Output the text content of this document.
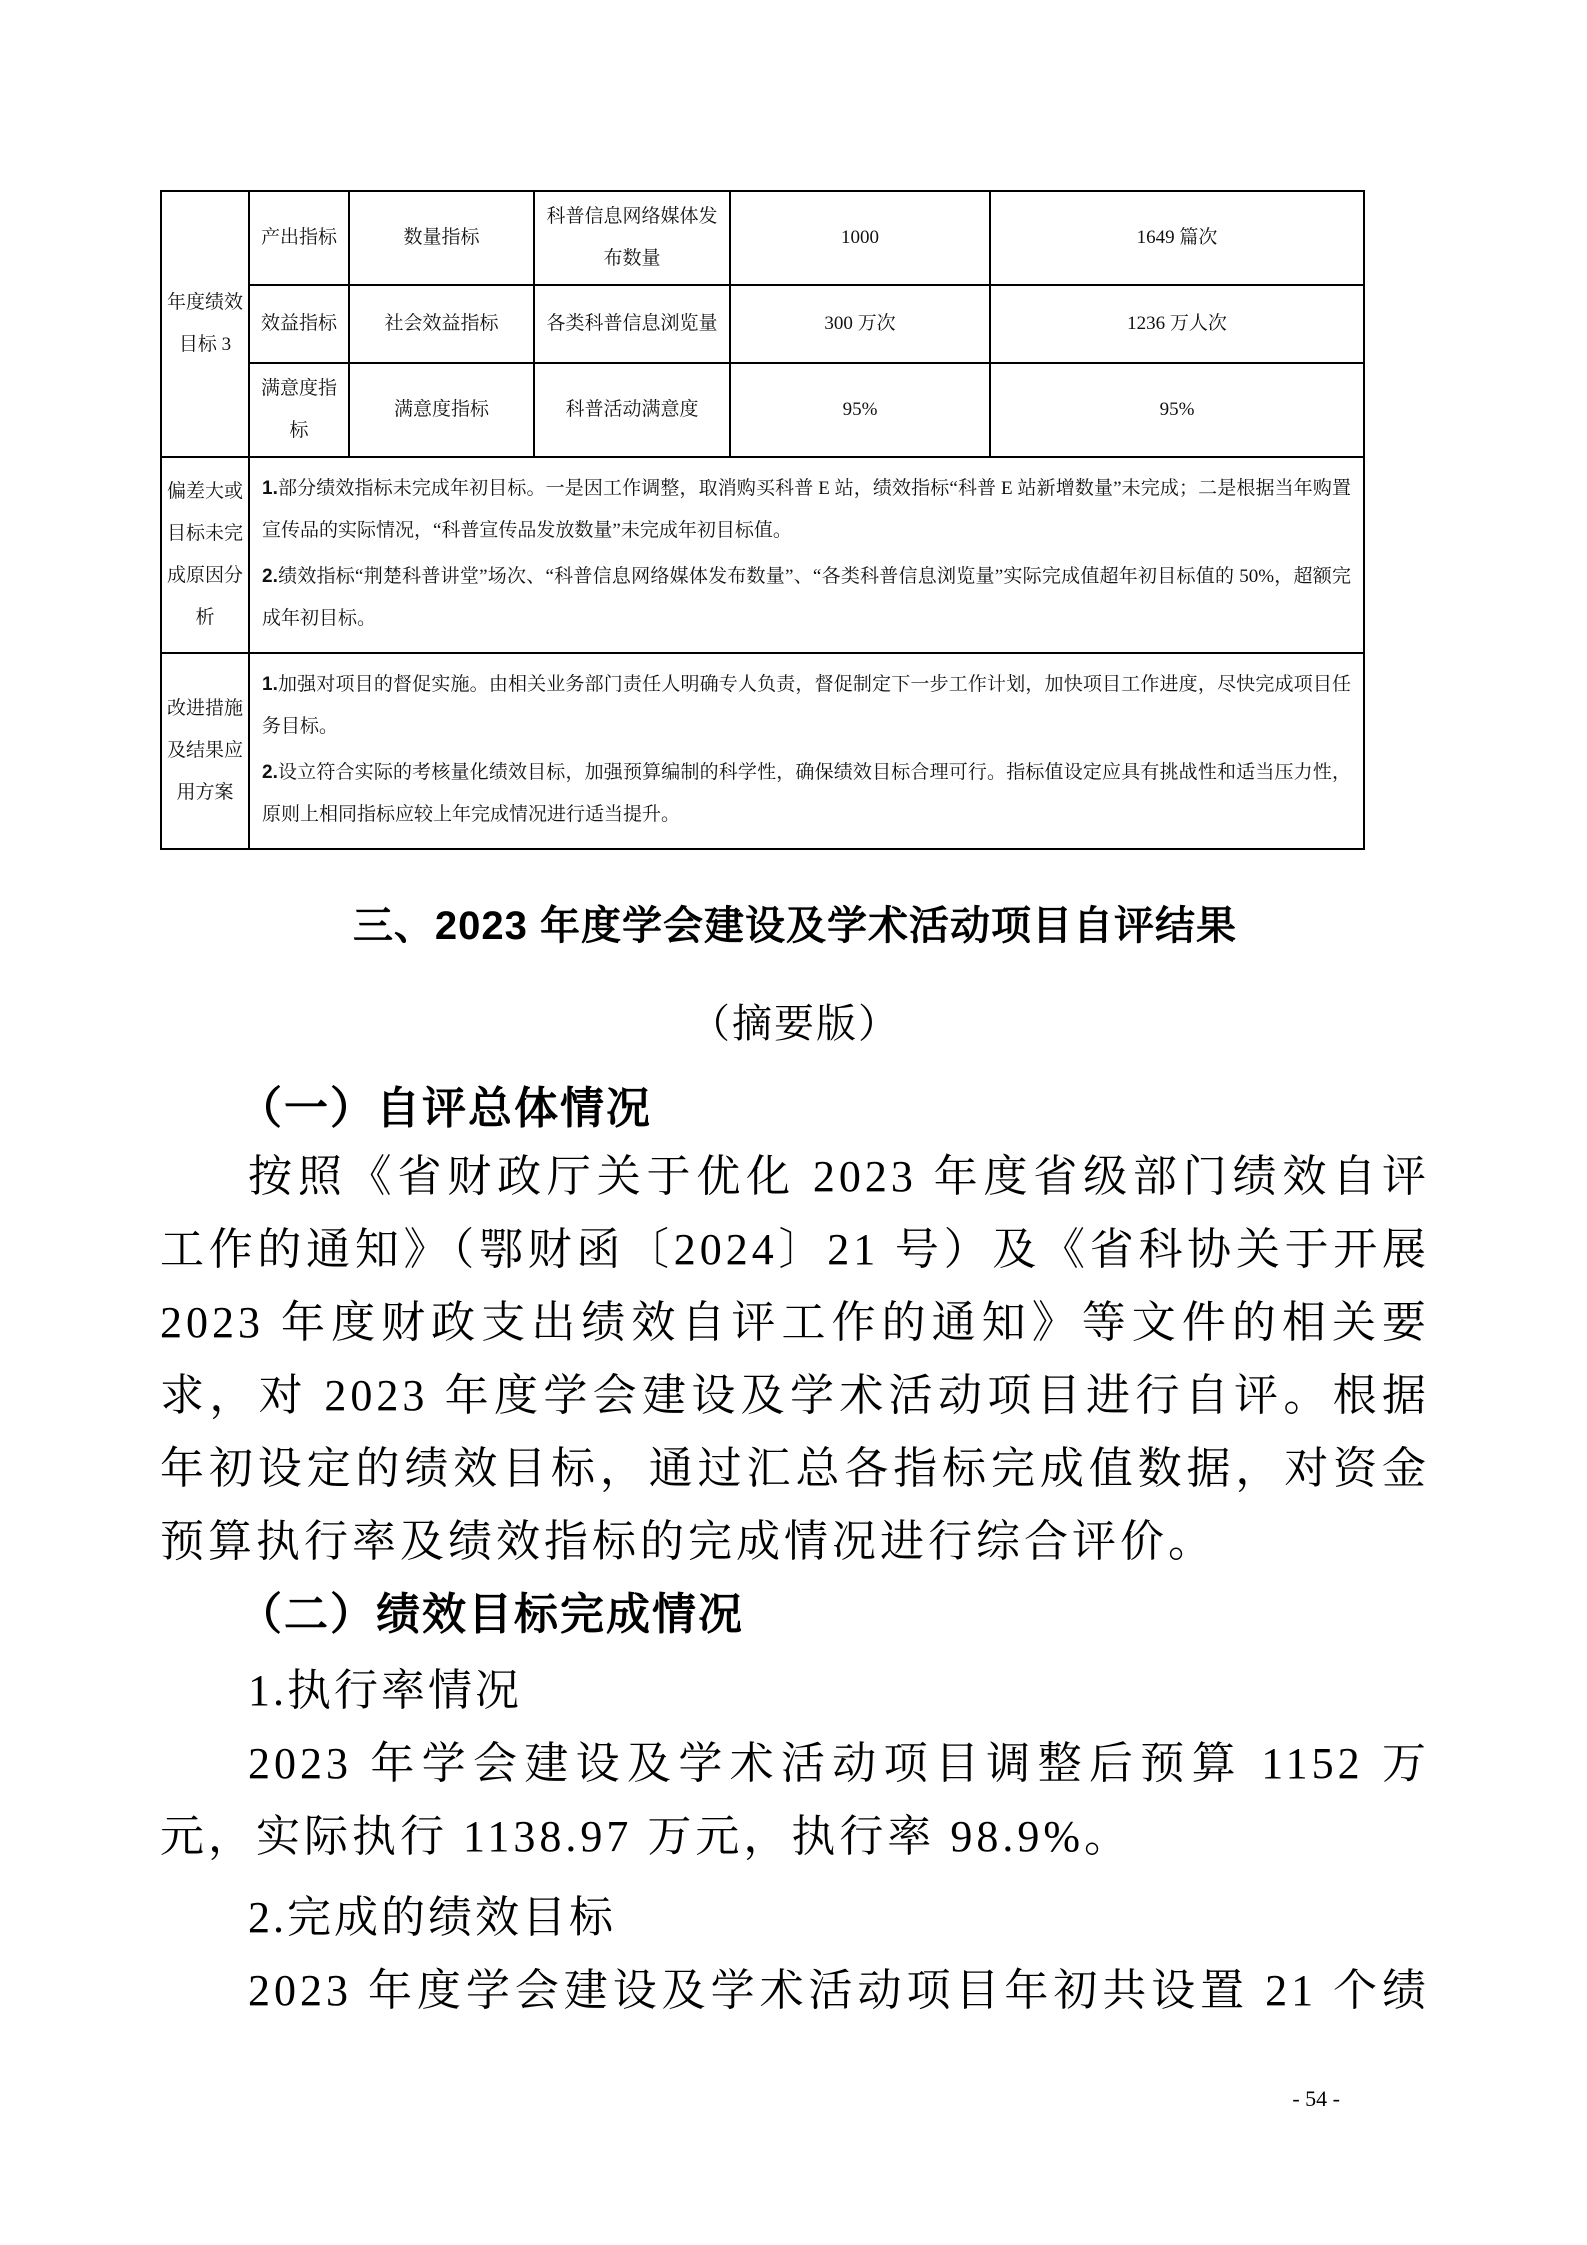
年度绩效 目标 3	产出指标	数量指标	科普信息网络媒体发布数量	1000	1649 篇次
	效益指标	社会效益指标	各类科普信息浏览量	300 万次	1236 万人次
	满意度指标	满意度指标	科普活动满意度	95%	95%
偏差大或目标未完成原因分析	1.部分绩效指标未完成年初目标。一是因工作调整，取消购买科普 E 站，绩效指标“科普 E 站新增数量”未完成；二是根据当年购置宣传品的实际情况，“科普宣传品发放数量”未完成年初目标值。

2.绩效指标“荆楚科普讲堂”场次、“科普信息网络媒体发布数量”、“各类科普信息浏览量”实际完成值超年初目标值的 50%，超额完成年初目标。				

改进措施及结果应用方案	1.加强对项目的督促实施。由相关业务部门责任人明确专人负责，督促制定下一步工作计划，加快项目工作进度，尽快完成项目任务目标。

2.设立符合实际的考核量化绩效目标，加强预算编制的科学性，确保绩效目标合理可行。指标值设定应具有挑战性和适当压力性，原则上相同指标应较上年完成情况进行适当提升。				

三、2023 年度学会建设及学术活动项目自评结果
（摘要版）
（一）自评总体情况

按照《省财政厅关于优化 2023 年度省级部门绩效自评工作的通知》（鄂财函〔2024〕21 号）及《省科协关于开展 2023 年度财政支出绩效自评工作的通知》等文件的相关要求，对 2023 年度学会建设及学术活动项目进行自评。根据年初设定的绩效目标，通过汇总各指标完成值数据，对资金预算执行率及绩效指标的完成情况进行综合评价。

（二）绩效目标完成情况

1.执行率情况

2023 年学会建设及学术活动项目调整后预算 1152 万元，实际执行 1138.97 万元，执行率 98.9%。

2.完成的绩效目标

2023 年度学会建设及学术活动项目年初共设置 21 个绩

- 54 -
